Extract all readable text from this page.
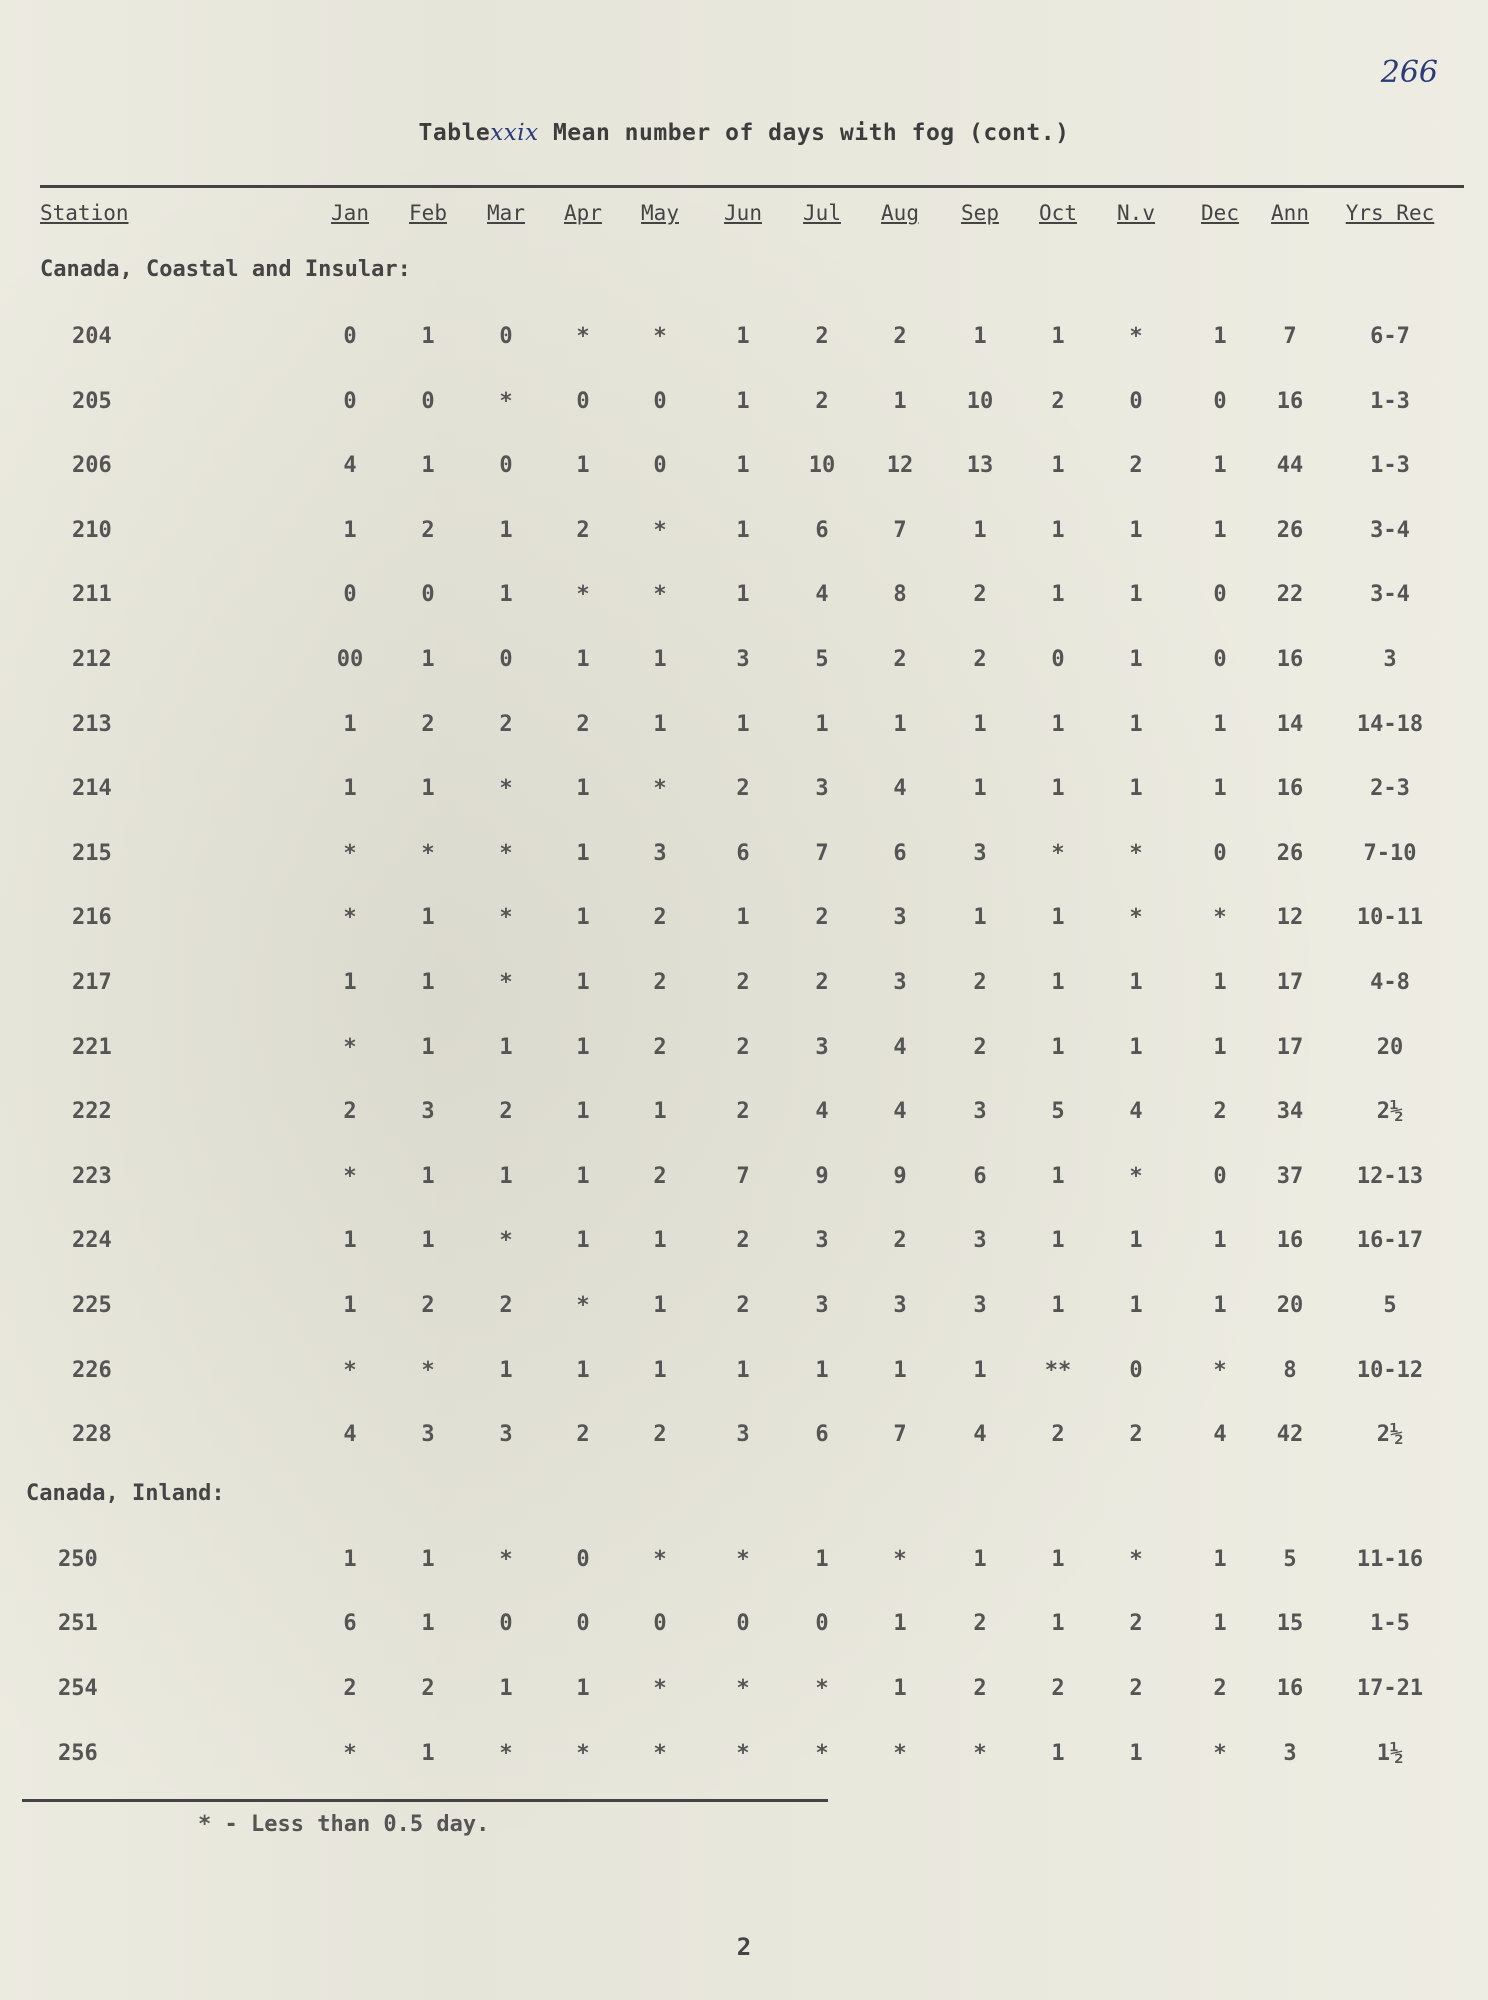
266
Tablexxix Mean number of days with fog (cont.)
Station	Jan	Feb	Mar	Apr	May	Jun	Jul	Aug	Sep	Oct	N.v	Dec	Ann	Yrs Rec
Canada, Coastal and Insular:
204	0	1	0	*	*	1	2	2	1	1	*	1	7	6-7
205	0	0	*	0	0	1	2	1	10	2	0	0	16	1-3
206	4	1	0	1	0	1	10	12	13	1	2	1	44	1-3
210	1	2	1	2	*	1	6	7	1	1	1	1	26	3-4
211	0	0	1	*	*	1	4	8	2	1	1	0	22	3-4
212	00	1	0	1	1	3	5	2	2	0	1	0	16	3
213	1	2	2	2	1	1	1	1	1	1	1	1	14	14-18
214	1	1	*	1	*	2	3	4	1	1	1	1	16	2-3
215	*	*	*	1	3	6	7	6	3	*	*	0	26	7-10
216	*	1	*	1	2	1	2	3	1	1	*	*	12	10-11
217	1	1	*	1	2	2	2	3	2	1	1	1	17	4-8
221	*	1	1	1	2	2	3	4	2	1	1	1	17	20
222	2	3	2	1	1	2	4	4	3	5	4	2	34	2½
223	*	1	1	1	2	7	9	9	6	1	*	0	37	12-13
224	1	1	*	1	1	2	3	2	3	1	1	1	16	16-17
225	1	2	2	*	1	2	3	3	3	1	1	1	20	5
226	*	*	1	1	1	1	1	1	1	**	0	*	8	10-12
228	4	3	3	2	2	3	6	7	4	2	2	4	42	2½
Canada, Inland:
250	1	1	*	0	*	*	1	*	1	1	*	1	5	11-16
251	6	1	0	0	0	0	0	1	2	1	2	1	15	1-5
254	2	2	1	1	*	*	*	1	2	2	2	2	16	17-21
256	*	1	*	*	*	*	*	*	*	1	1	*	3	1½
* - Less than 0.5 day.
2
